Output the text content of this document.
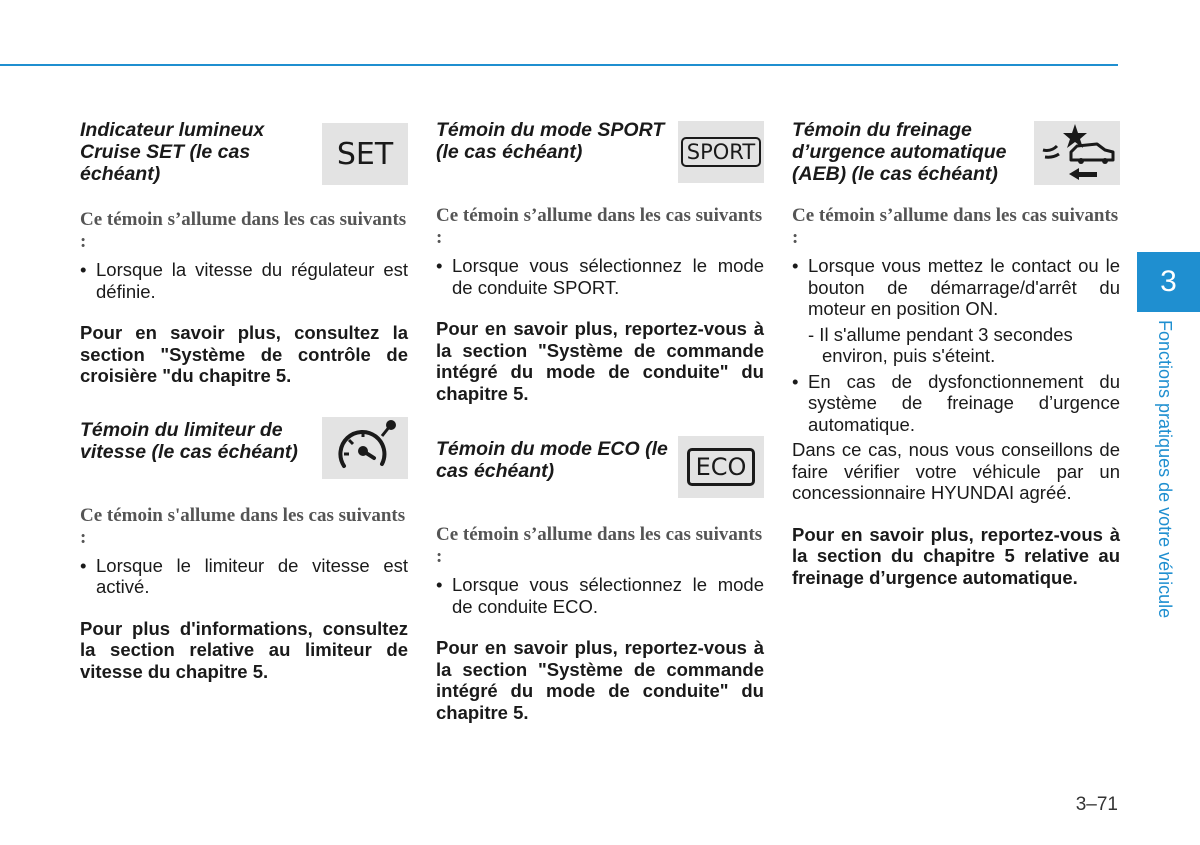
Indicateur lumineux Cruise SET (le cas échéant)

SET

Ce témoin s’allume dans les cas suivants :

• Lorsque la vitesse du régulateur est définie.

Pour en savoir plus, consultez la section "Système de contrôle de croisière "du chapitre 5.

Témoin du limiteur de vitesse (le cas échéant)

Ce témoin s'allume dans les cas suivants :

• Lorsque le limiteur de vitesse est activé.

Pour plus d'informations, consultez la section relative au limiteur de vitesse du chapitre 5.

Témoin du mode SPORT (le cas échéant)	SPORT

Ce témoin s’allume dans les cas suivants :

• Lorsque vous sélectionnez le mode de conduite SPORT.

Pour en savoir plus, reportez-vous à la section "Système de commande intégré du mode de conduite" du chapitre 5.

Témoin du mode ECO (le cas échéant)	ECO

Ce témoin s’allume dans les cas suivants :

• Lorsque vous sélectionnez le mode de conduite ECO.

Pour en savoir plus, reportez-vous à la section "Système de commande intégré du mode de conduite" du chapitre 5.

Témoin du freinage d’urgence automatique (AEB) (le cas échéant)

Ce témoin s’allume dans les cas suivants :

• Lorsque vous mettez le contact ou le bouton de démarrage/d'arrêt du moteur en position ON.

- Il s'allume pendant 3 secondes environ, puis s'éteint.

• En cas de dysfonctionnement du système de freinage d’urgence automatique.

Dans ce cas, nous vous conseillons de faire vérifier votre véhicule par un concessionnaire HYUNDAI agréé.

Pour en savoir plus, reportez-vous à la section du chapitre 5 relative au freinage d’urgence automatique.

3
Fonctions pratiques de votre véhicule
3–71
